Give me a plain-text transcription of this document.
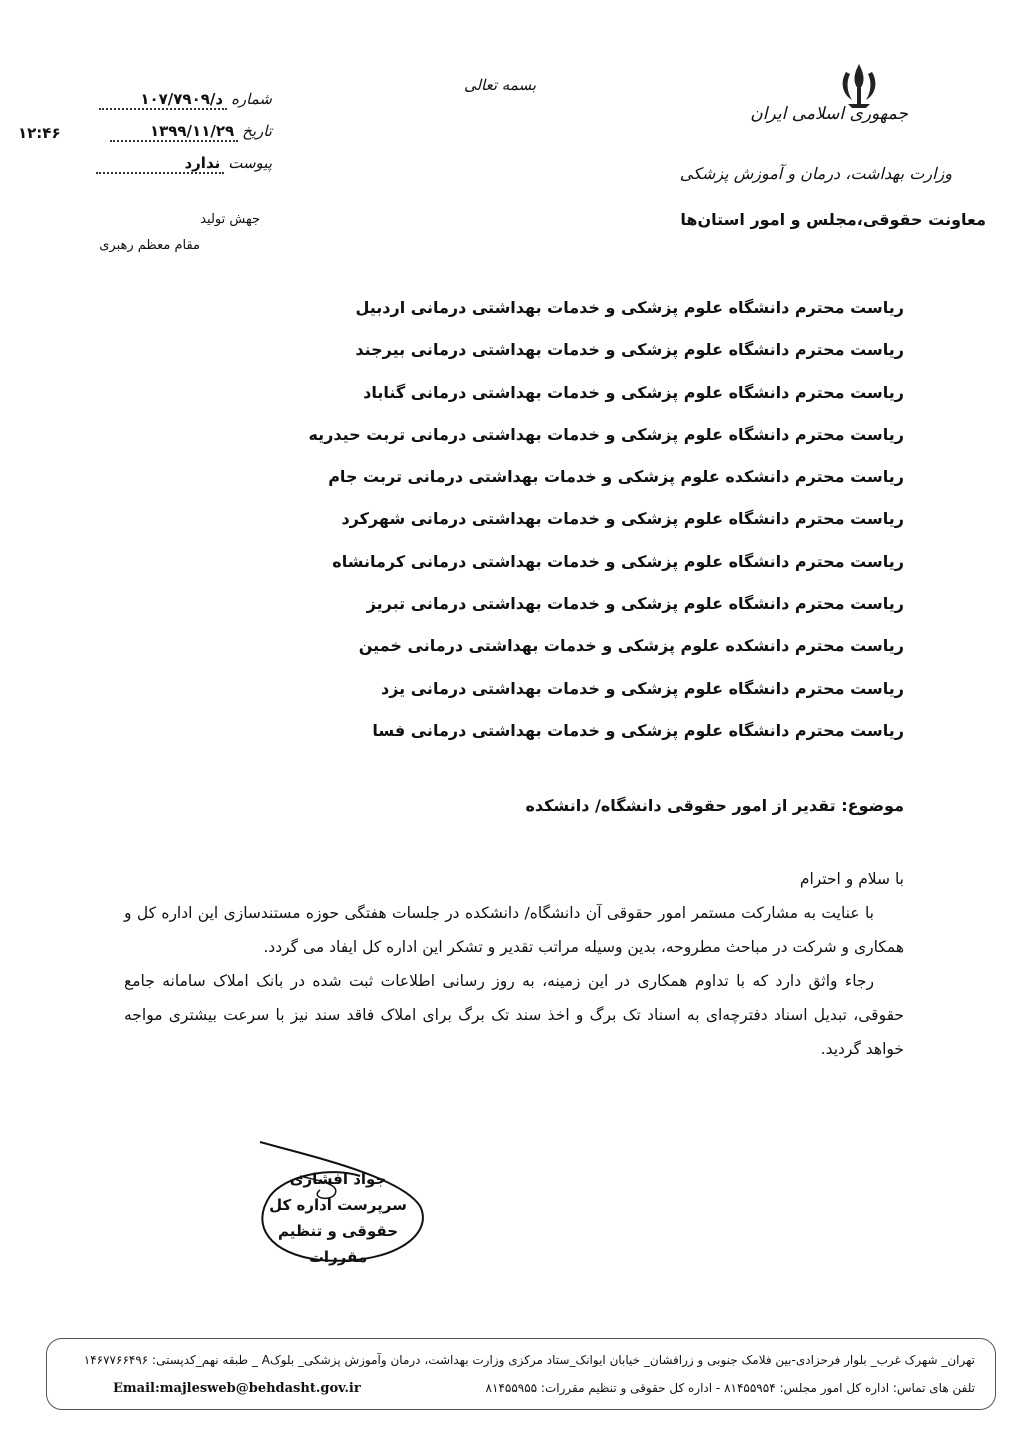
بسمه تعالی
جمهوری اسلامی ایران
وزارت بهداشت، درمان و آموزش پزشکی
معاونت حقوقی،مجلس و امور استان‌ها
شماره
د/۱۰۷/۷۹۰۹
تاریخ
۱۳۹۹/۱۱/۲۹
پیوست
ندارد
۱۲:۴۶
جهش تولید
مقام معظم رهبری
ریاست محترم دانشگاه علوم پزشکی و خدمات بهداشتی درمانی اردبیل
ریاست محترم دانشگاه علوم پزشکی و خدمات بهداشتی درمانی بیرجند
ریاست محترم دانشگاه علوم پزشکی و خدمات بهداشتی درمانی گناباد
ریاست محترم دانشگاه علوم پزشکی و خدمات بهداشتی درمانی تربت حیدریه
ریاست محترم دانشکده علوم پزشکی و خدمات بهداشتی درمانی تربت جام
ریاست محترم دانشگاه علوم پزشکی و خدمات بهداشتی درمانی شهرکرد
ریاست محترم دانشگاه علوم پزشکی و خدمات بهداشتی درمانی کرمانشاه
ریاست محترم دانشگاه علوم پزشکی و خدمات بهداشتی درمانی تبریز
ریاست محترم دانشکده علوم پزشکی و خدمات بهداشتی درمانی خمین
ریاست محترم دانشگاه علوم پزشکی و خدمات بهداشتی درمانی یزد
ریاست محترم دانشگاه علوم پزشکی و خدمات بهداشتی درمانی فسا
موضوع: تقدیر از امور حقوقی دانشگاه/ دانشکده

با سلام و احترام

با عنایت به مشارکت مستمر امور حقوقی آن دانشگاه/ دانشکده در جلسات هفتگی حوزه مستندسازی این اداره کل و همکاری و شرکت در مباحث مطروحه، بدین وسیله مراتب تقدیر و تشکر این اداره کل ایفاد می گردد.

رجاء واثق دارد که با تداوم همکاری در این زمینه، به روز رسانی اطلاعات ثبت شده در بانک املاک سامانه جامع حقوقی، تبدیل اسناد دفترچه‌ای به اسناد تک برگ و اخذ سند تک برگ برای املاک فاقد سند نیز با سرعت بیشتری مواجه خواهد گردید.

جواد افشاری
سرپرست اداره کل
حقوقی و تنظیم مقررات
تهران_ شهرک غرب_ بلوار فرحزادی-بین فلامک جنوبی و زرافشان_ خیابان ایوانک_ستاد مرکزی وزارت بهداشت، درمان وآموزش پزشکی_ بلوکA _ طبقه نهم_کدپستی: ۱۴۶۷۷۶۶۴۹۶
تلفن های تماس: اداره کل امور مجلس: ۸۱۴۵۵۹۵۴ - اداره کل حقوقی و تنظیم مقررات: ۸۱۴۵۵۹۵۵
Email:majlesweb@behdasht.gov.ir
